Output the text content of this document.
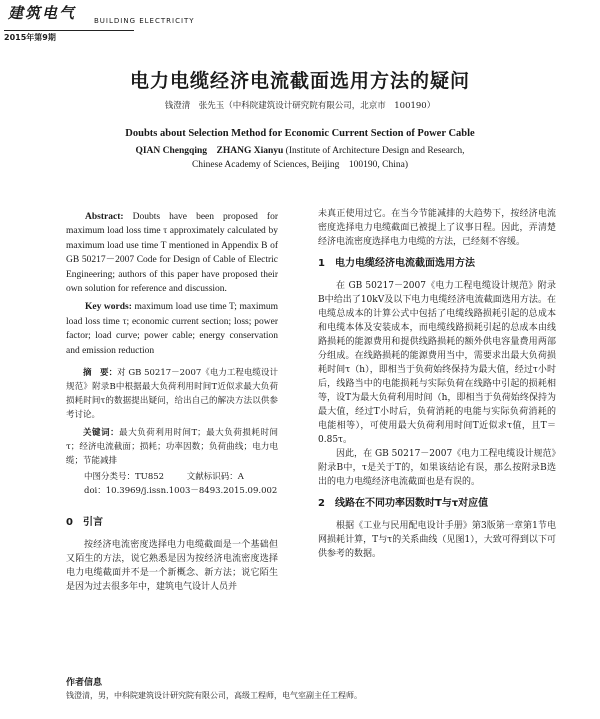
建筑电气	BUILDING ELECTRICITY
2015年第9期
电力电缆经济电流截面选用方法的疑问
钱澄清　张先玉（中科院建筑设计研究院有限公司，北京市　100190）
Doubts about Selection Method for Economic Current Section of Power Cable
QIAN Chengqing　ZHANG Xianyu (Institute of Architecture Design and Research,
Chinese Academy of Sciences, Beijing　100190, China)

Abstract: Doubts have been proposed for maximum load loss time τ approximately calculated by maximum load use time T mentioned in Appendix B of GB 50217－2007 Code for Design of Cable of Electric Engineering; authors of this paper have proposed their own solution for reference and discussion.

Key words: maximum load use time T; maximum load loss time τ; economic current section; loss; power factor; load curve; power cable; energy conservation and emission reduction

摘　要：对 GB 50217－2007《电力工程电缆设计规范》附录B中根据最大负荷利用时间T近似求最大负荷损耗时间τ的数据提出疑问，给出自己的解决方法以供参考讨论。

关键词：最大负荷利用时间T；最大负荷损耗时间τ；经济电流截面；损耗；功率因数；负荷曲线；电力电缆；节能减排

中图分类号：TU852	文献标识码：A
doi：10.3969/j.issn.1003－8493.2015.09.002
0　引言

按经济电流密度选择电力电缆截面是一个基础但又陌生的方法，说它熟悉是因为按经济电流密度选择电力电缆截面并不是一个新概念、新方法；说它陌生是因为过去很多年中，建筑电气设计人员并

未真正使用过它。在当今节能减排的大趋势下，按经济电流密度选择电力电缆截面已被提上了议事日程。因此，弄清楚经济电流密度选择电力电缆的方法，已经刻不容缓。

1　电力电缆经济电流截面选用方法

在 GB 50217－2007《电力工程电缆设计规范》附录B中给出了10kV及以下电力电缆经济电流截面选用方法。在电缆总成本的计算公式中包括了电缆线路损耗引起的总成本和电缆本体及安装成本，而电缆线路损耗引起的总成本由线路损耗的能源费用和提供线路损耗的额外供电容量费用两部分组成。在线路损耗的能源费用当中，需要求出最大负荷损耗时间τ（h），即相当于负荷始终保持为最大值，经过τ小时后，线路当中的电能损耗与实际负荷在线路中引起的损耗相等，设T为最大负荷利用时间（h，即相当于负荷始终保持为最大值，经过T小时后，负荷消耗的电能与实际负荷消耗的电能相等），可使用最大负荷利用时间T近似求τ值，且T＝0.85τ。

因此，在 GB 50217－2007《电力工程电缆设计规范》附录B中，τ是关于T的，如果该结论有误，那么按附录B选出的电力电缆经济电流截面也是有误的。

2　线路在不同功率因数时T与τ对应值

根据《工业与民用配电设计手册》第3版第一章第1节电网损耗计算，T与τ的关系曲线（见图1），大致可得到以下可供参考的数据。

作者信息
钱澄清，男，中科院建筑设计研究院有限公司，高级工程师，电气室副主任工程师。
